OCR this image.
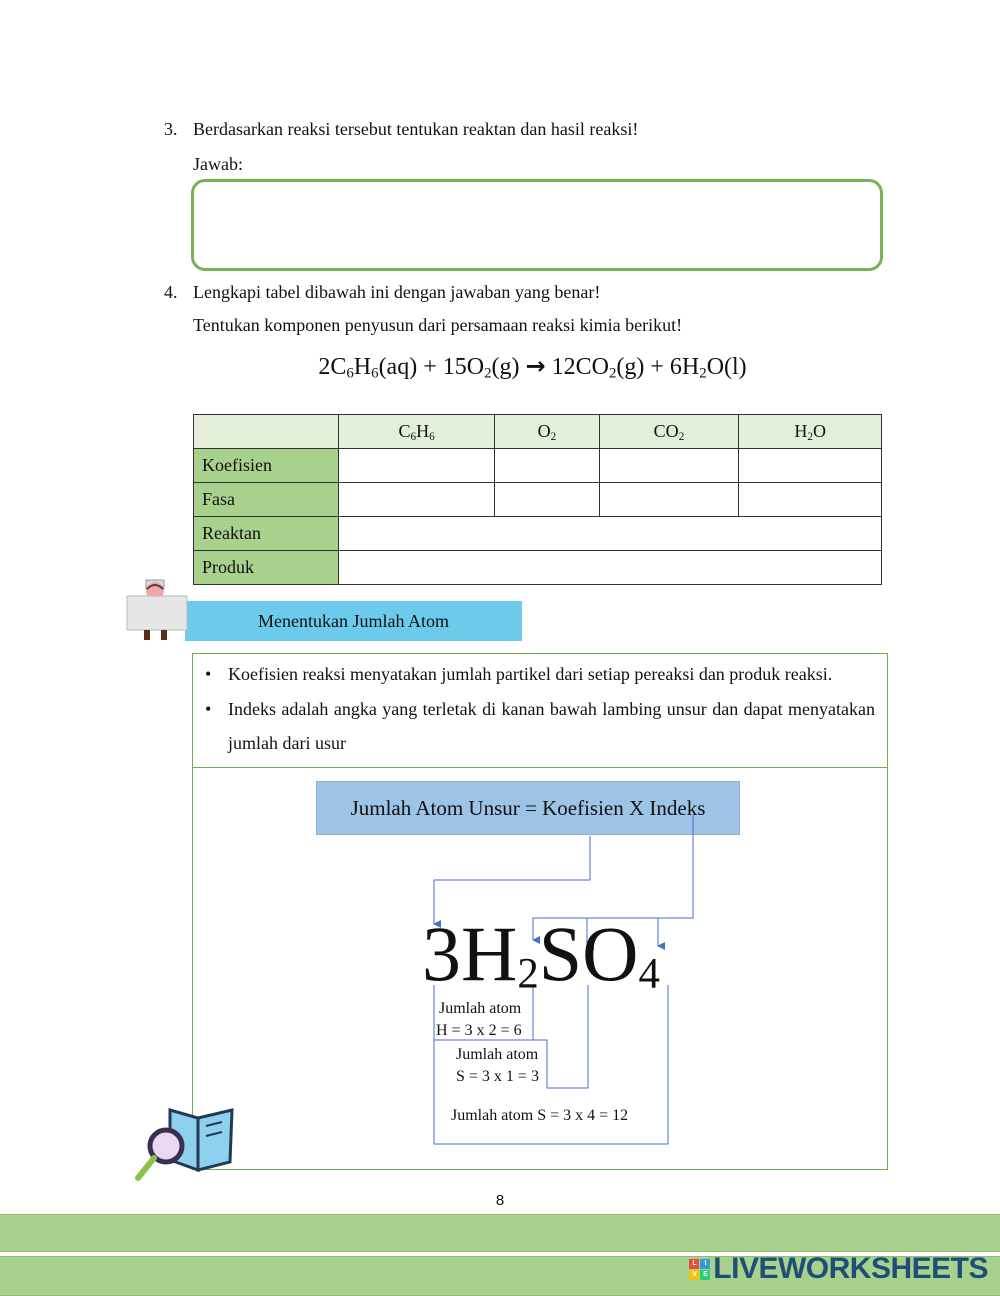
3. Berdasarkan reaksi tersebut tentukan reaktan dan hasil reaksi!
Jawab:
4. Lengkapi tabel dibawah ini dengan jawaban yang benar!
Tentukan komponen penyusun dari persamaan reaksi kimia berikut!
$2C_6H_6(aq) + 15O_2(g) \to 12CO_2(g) + 6H_2O(l)$
	$C_6H_6$	$O_2$	$CO_2$	$H_2O$
Koefisien				
Fasa				
Reaktan				
Produk				
Menentukan Jumlah Atom
• Koefisien reaksi menyatakan jumlah partikel dari setiap pereaksi dan produk reaksi.
• Indeks adalah angka yang terletak di kanan bawah lambing unsur dan dapat menyatakan jumlah dari usur
Jumlah Atom Unsur = Koefisien X Indeks
$3H_2SO_4$
Jumlah atom
H = 3 x 2 = 6
Jumlah atom
S = 3 x 1 = 3
Jumlah atom S = 3 x 4 = 12
8
L	I
V E LIVEWORKSHEETS
